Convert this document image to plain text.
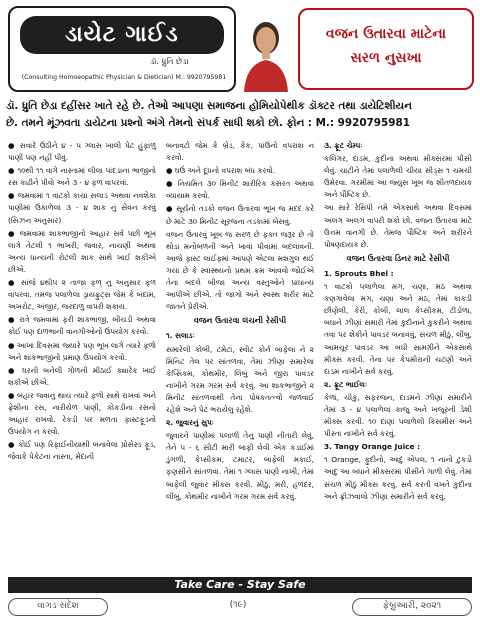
ડાયેટ ગાઈડ
ડૉ. ધ્રુતિ છેડા
(Consulting Homoeopathic Physician & Dietician) M.: 9920795981
વજન ઉતારવા માટેના
સરળ નુસખા
ડૉ. ધ્રુતિ છેડા દહીંસર ખાતે રહે છે. તેઓ આપણા સમાજના હોમિયોપેથીક ડૉક્ટર તથા ડાયેટિશીયન
છે. તમને મૂંઝવતા ડાયેટના પ્રશ્નો અંગે તેમનો સંપર્ક સાધી શકો છો. ફોન : M.: 9920795981

● સવારે ઉઠીને ૪ - ૫ ગ્લાસ ખાલી પેટ હુંફાળું પાણી પણ નહીં પીવું.

● ૧૦થી ૧૧ વાગે નાસ્તામાં લીલા પાંદડાના ભાજીનો રસ કાઢીને પીવો અને ૩ - ૪ ફળ વાપરવાં.

● જમવામાં ૧ વાટકો કાચા સલાડ અથવા નવશેકા પાણીમાં ઉકાળેલાં ૩ - ૪ શાક નું સેવન કરવું (સિઝન અનુસાર)

● જમવામાં શાકભાજીનો આહાર સર્વ પછી ભૂખ લાગે તેટલી ૧ ભાખરી, જવાર, નાચણી અથવા અન્ય ધાન્યની રોટલી શાક સાથે ખાઈ શકીએ છીએ.

● સાંજે ૪થી૫ ૨ તાજા ફળ્ નુ અનુસાર ફળ વાપરવા. તમજ પલાળેલા ડ્રાયફ્રુટ્સ જેમ કે બદામ, અખરોટ, અંજીર, જરદાળુ વાપરી શકાય.

● રાત્રે જમવામાં ફરી શાકભાજી, બીચડી અથવા કોઈ પણ દાળભાની વાનગીઓનો ઉપયોગ કરવો.

● આખા દિવસમાં જ્યારે પણ ભૂખ લાગે ત્યારે ફળો અને શાકભાજીનો પ્રમાણ ઉપયોગ કરવો.

● ઘરની બનેલી ગોળની મીઠાઈ ક્યારેક ખાઈ શકીએ છીએ.

● બહાર જવાનું થાય ત્યારે ફળો સાથે રાખવાં અને ફ્રેશીના રસ, નારીયેળ પાણી, કોકડીના રસનો આહાર રાખવો. રેકડી પર મળતા ફાસ્ટફૂડનો ઉપયોગ ન કરવો.

● કોઈ પણ રિફાઈનીયાથી બનાવેલા પ્રોસેસ્ડ ફૂડ, જેવાકે પેકેટના નાસ્તા, મેંદાની

બનાવટો જેમ કે બ્રેડ, કેક, પાંઉનો વપરાશ ન કરવો.

● ઘઉં અને દૂધનો વપરાશ બંધ કરવો.

● નિયમિત ૩૦ મિનીટ શારીરિક કસરત અથવા વ્યાયામ કરવો.

● સૂર્યનો તડકો વજન ઉતારવા ભૂખ જ મદદ કરે છે માટે ૩૦ મિનીટ સૂરજના તડકામાં બેસવું.

વજન ઉતારવું ખૂબ જ સરળ છે ફક્ત જરૂર છે તો થોડા મનોબળની અને ખાવા પીવામાં બદલાવની. આજે ફાસ્ટ લાઈફમાં આપણે એટલા મશગુલ થઈ ગયા છે કે સ્વાસ્થ્યનો પ્રથમ ક્રમ આવવો જોઈએ તેના બદલે બીજા અન્ય વસ્તુઓને પ્રાધાન્ય આપીએ છીએ. તો જાગો અને સ્વસ્થ શરીર માટે જાતને પ્રેરીએ.

વજન ઉતારવા લંચની રેસીપી

૧. સલાડઃ

સમારેલી કોબી, ટમેટા, સ્વીટ કોર્ન બાફેલા ને ૨ મિનિટ તેલ પર સાંતળવા, તેમાં ઝીણા સમારેલા કેપ્સિકમ, કોથમીર, લિંબુ અને જીરા પાવડર નાખીને ગરમ ગરમ સર્વ કરવું. આ શાકભાજીને ૨ મિનીટ સાંતળવાથી તેના પોષકતત્ત્વો જળવાઈ રહેશે અને પેટ ભરાયેલું રહેશે.

૨. જુવારનું સુપઃ

જુવારને પાણીમાં પલાળી તેનું પાણી નીતારી લેવું, તેને ૫ - ૬ સીટી મારી બાફી લેવી એક કડાઈમાં ડુંગળી, કેપ્સીકમ, ટમાટર, બાફેલી મકાઈ, ફણસીને સાંતળવા. તેમાં ૧ ગ્લાસ પાણી નાખી, તેમાં બાફેલી જુવાર મીક્સ કરવી. મીઠું, મરી, હળદર, લીંબુ, કોથમીર નાખીને ગરમ ગરમ સર્વ કરવું.

૩. ફ્રૂટ ચેમ્પઃ

કલિંગર, દાડમ, કુદીના અથવા મીક્સરમાં પીસી લેવું. ચાટીને તેમાં પલાળેલી ચીયા સીડ્સ ૧ ચમચી ઉમેરવા. ગરમીમાં આ જ્યુસ ખૂબ જ શીતળદાયક અને પૌષ્ટિક છે.

આ સારે રેસિપી તમે એકસાથે અથવા દિવસમાં અલગ અલગ વાપરી શકો છો. વજન ઉતારવા માટે ઉત્તમ વાનગી છે. તેમજ પૌષ્ટિક અને શરીરને પોષણદાયક છે.

વજન ઉતારવા ડિનર માટે રેસીપી

1. Sprouts Bhel :

૧ વાટકો પલાળેલા મગ, ચણા, મઠ અથવા કણગાવેલા મગ, ચણા અને મઠ, તેમાં કાકડી છીણેલી, કેરી, કોબી, લાલ કેપ્સીકમ, ટીંડોળા, બધાને ઝીણાં સમારી તેમાં કુદીનાને કુકરીને અથવા તવા પર શેકીને પાવડર બનાવવું, સંચળ મીઠું, લીંબુ, આમચૂર પાવડર આ બધી સામગ્રીને એકસાથે મીક્સ કરવી. તેના પર કેપમીરાની ચટણી અને દાડમ નાખીને સર્વ કરવું.

૨. ફ્રૂટ ભાઈલઃ

કેળાં, ચીકુ, સફરજન, દાડમને ઝીણાં સમારીને તેમાં ૩ - ૪ પલાળેલાં કાજુ અને ખજૂરની ડેશી મીક્સ કરવી. ૧૦ દાણાં પલાળેલી કિસમીસ અને પીસ્તા નાખીને સર્વ કરવું.

3. Tangy Orange Juice :

૧ Orange, ફુદીનો, આદું એપલ, ૧ નાનો ટુકડો આદુ આ બધાને મીક્સરમાં પીસીને ગાળી લેવું. તેમાં સંચળ મીઠું મીક્સ કરવું. સર્વ કરતી વખતે કુદીના અને ફ્રીઝવાલો ઝીણા સમારીને સર્વ કરવું.

Take Care - Stay Safe
વાગડ સંદેશ	(૧૯)	ફેબ્રુઆરી, ૨૦૨૧
